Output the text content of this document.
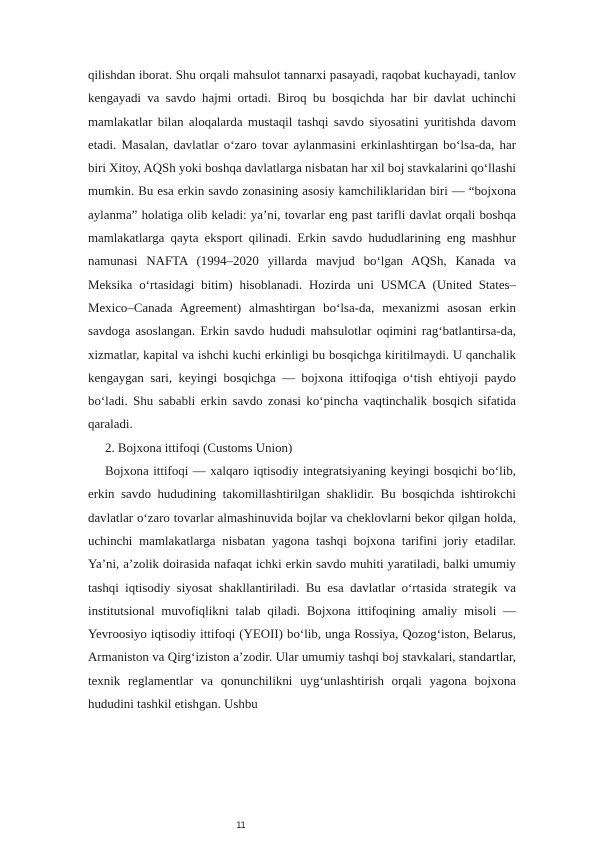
qilishdan iborat. Shu orqali mahsulot tannarxi pasayadi, raqobat kuchayadi, tanlov kengayadi va savdo hajmi ortadi. Biroq bu bosqichda har bir davlat uchinchi mamlakatlar bilan aloqalarda mustaqil tashqi savdo siyosatini yuritishda davom etadi. Masalan, davlatlar o‘zaro tovar aylanmasini erkinlashtirgan bo‘lsa-da, har biri Xitoy, AQSh yoki boshqa davlatlarga nisbatan har xil boj stavkalarini qo‘llashi mumkin. Bu esa erkin savdo zonasining asosiy kamchiliklaridan biri — “bojxona aylanma” holatiga olib keladi: ya’ni, tovarlar eng past tarifli davlat orqali boshqa mamlakatlarga qayta eksport qilinadi. Erkin savdo hududlarining eng mashhur namunasi NAFTA (1994–2020 yillarda mavjud bo‘lgan AQSh, Kanada va Meksika o‘rtasidagi bitim) hisoblanadi. Hozirda uni USMCA (United States–Mexico–Canada Agreement) almashtirgan bo‘lsa-da, mexanizmi asosan erkin savdoga asoslangan. Erkin savdo hududi mahsulotlar oqimini rag‘batlantirsa-da, xizmatlar, kapital va ishchi kuchi erkinligi bu bosqichga kiritilmaydi. U qanchalik kengaygan sari, keyingi bosqichga — bojxona ittifoqiga o‘tish ehtiyoji paydo bo‘ladi. Shu sababli erkin savdo zonasi ko‘pincha vaqtinchalik bosqich sifatida qaraladi.

2. Bojxona ittifoqi (Customs Union)

Bojxona ittifoqi — xalqaro iqtisodiy integratsiyaning keyingi bosqichi bo‘lib, erkin savdo hududining takomillashtirilgan shaklidir. Bu bosqichda ishtirokchi davlatlar o‘zaro tovarlar almashinuvida bojlar va cheklovlarni bekor qilgan holda, uchinchi mamlakatlarga nisbatan yagona tashqi bojxona tarifini joriy etadilar. Ya’ni, a’zolik doirasida nafaqat ichki erkin savdo muhiti yaratiladi, balki umumiy tashqi iqtisodiy siyosat shakllantiriladi. Bu esa davlatlar o‘rtasida strategik va institutsional muvofiqlikni talab qiladi. Bojxona ittifoqining amaliy misoli — Yevroosiyo iqtisodiy ittifoqi (YEOII) bo‘lib, unga Rossiya, Qozog‘iston, Belarus, Armaniston va Qirg‘iziston a’zodir. Ular umumiy tashqi boj stavkalari, standartlar, texnik reglamentlar va qonunchilikni uyg‘unlashtirish orqali yagona bojxona hududini tashkil etishgan. Ushbu

11
